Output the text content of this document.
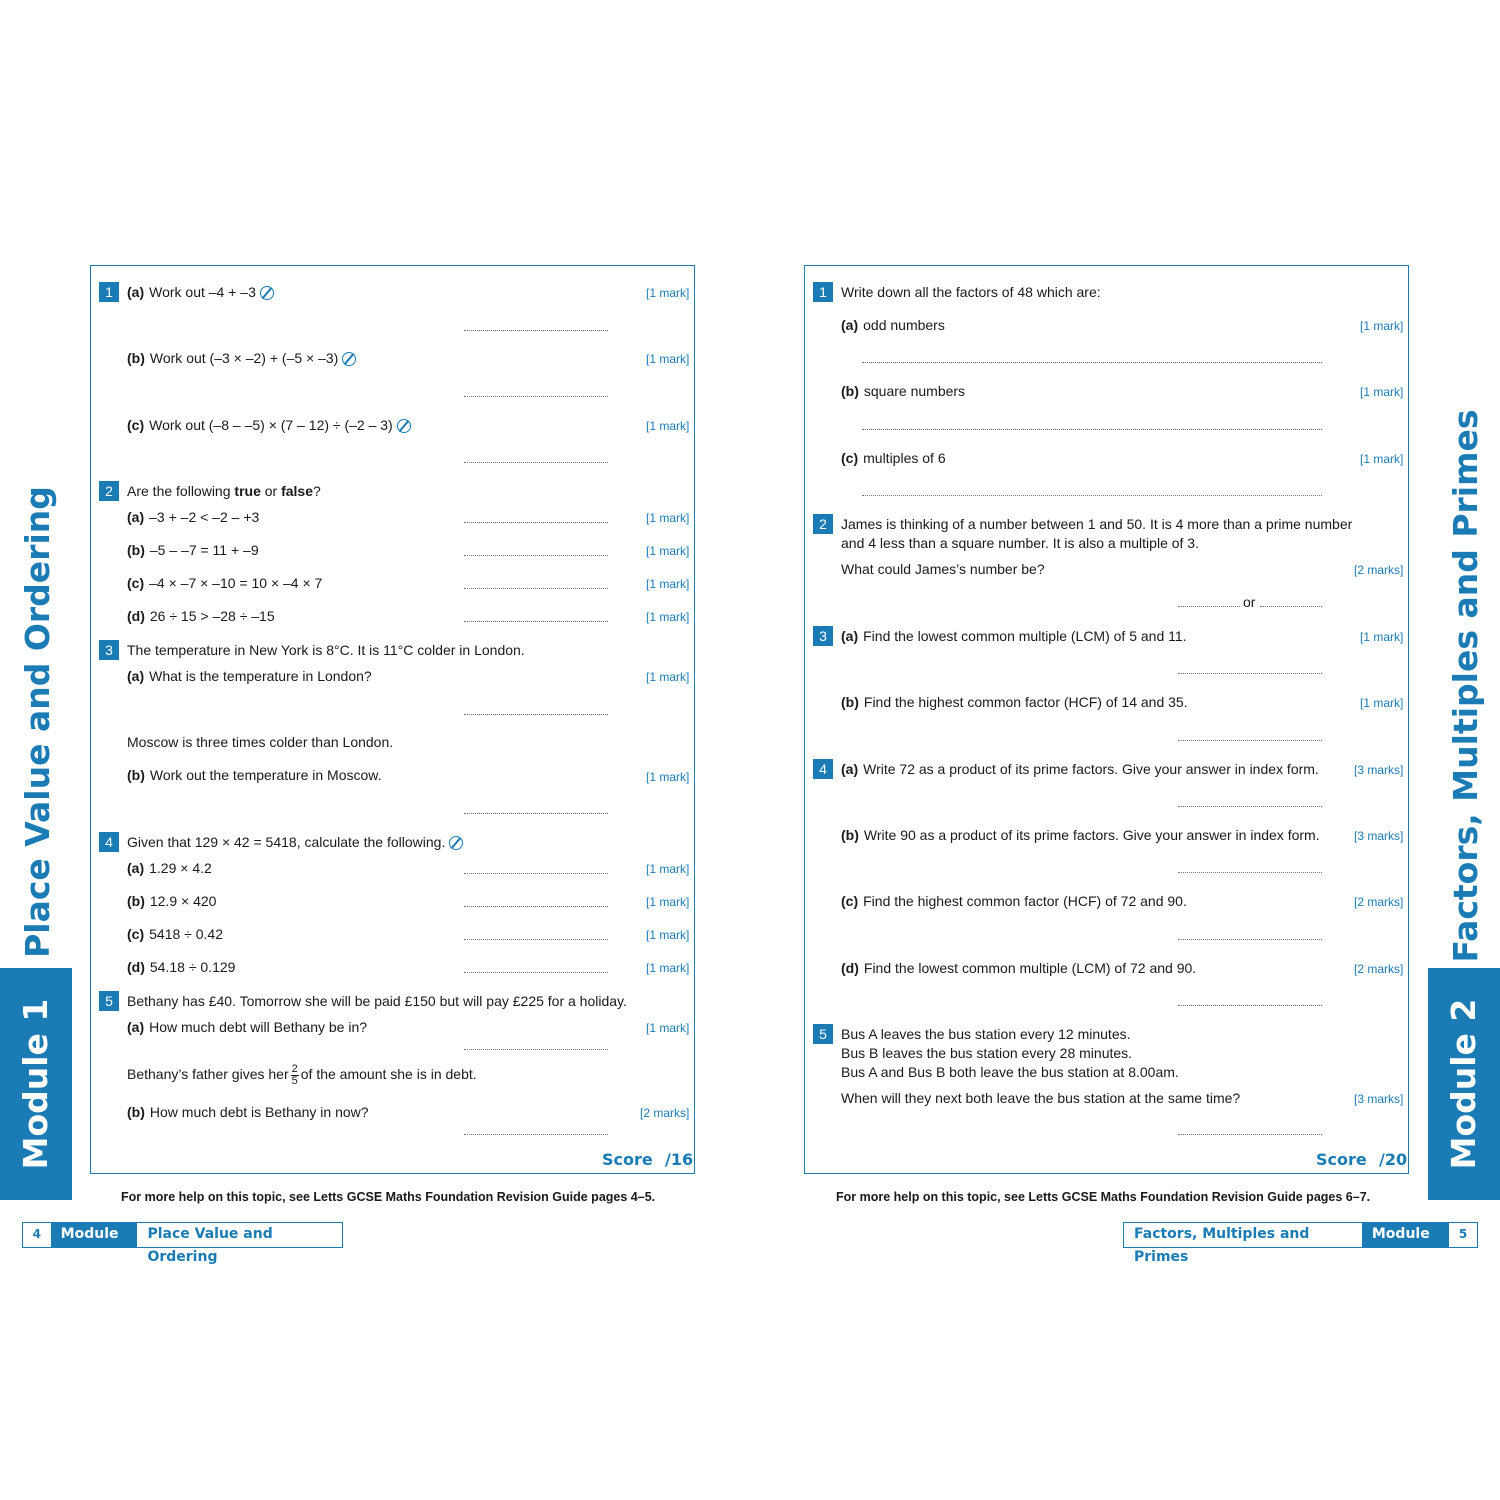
Place Value and Ordering
Module 1
1	(a) Work out –4 + –3	[1 mark]
(b) Work out (–3 × –2) + (–5 × –3)	[1 mark]
(c) Work out (–8 – –5) × (7 – 12) ÷ (–2 – 3)	[1 mark]
2	Are the following true or false?
(a) –3 + –2 < –2 – +3	[1 mark]
(b) –5 – –7 = 11 + –9	[1 mark]
(c) –4 × –7 × –10 = 10 × –4 × 7	[1 mark]
(d) 26 ÷ 15 > –28 ÷ –15	[1 mark]
3	The temperature in New York is 8°C. It is 11°C colder in London.
(a) What is the temperature in London?	[1 mark]
Moscow is three times colder than London.
(b) Work out the temperature in Moscow.	[1 mark]
4	Given that 129 × 42 = 5418, calculate the following.
(a) 1.29 × 4.2	[1 mark]
(b) 12.9 × 420	[1 mark]
(c) 5418 ÷ 0.42	[1 mark]
(d) 54.18 ÷ 0.129	[1 mark]
5	Bethany has £40. Tomorrow she will be paid £150 but will pay £225 for a holiday.
(a) How much debt will Bethany be in?	[1 mark]
Bethany’s father gives her $\frac{2}{5}$ of the amount she is in debt.
(b) How much debt is Bethany in now?	[2 marks]
Score /16
For more help on this topic, see Letts GCSE Maths Foundation Revision Guide pages 4–5.
4	Module 1
Place Value and Ordering
Factors, Multiples and Primes
Module 2
1	Write down all the factors of 48 which are:
(a) odd numbers	[1 mark]
(b) square numbers	[1 mark]
(c) multiples of 6	[1 mark]
2	James is thinking of a number between 1 and 50. It is 4 more than a prime number
and 4 less than a square number. It is also a multiple of 3.
What could James’s number be?	[2 marks]
or
3	(a) Find the lowest common multiple (LCM) of 5 and 11.	[1 mark]
(b) Find the highest common factor (HCF) of 14 and 35.	[1 mark]
4	(a) Write 72 as a product of its prime factors. Give your answer in index form.	[3 marks]
(b) Write 90 as a product of its prime factors. Give your answer in index form.	[3 marks]
(c) Find the highest common factor (HCF) of 72 and 90.	[2 marks]
(d) Find the lowest common multiple (LCM) of 72 and 90.	[2 marks]
5	Bus A leaves the bus station every 12 minutes.
Bus B leaves the bus station every 28 minutes.
Bus A and Bus B both leave the bus station at 8.00am.
When will they next both leave the bus station at the same time?	[3 marks]
Score /20
For more help on this topic, see Letts GCSE Maths Foundation Revision Guide pages 6–7.
Factors, Multiples and Primes
Module 2
5
